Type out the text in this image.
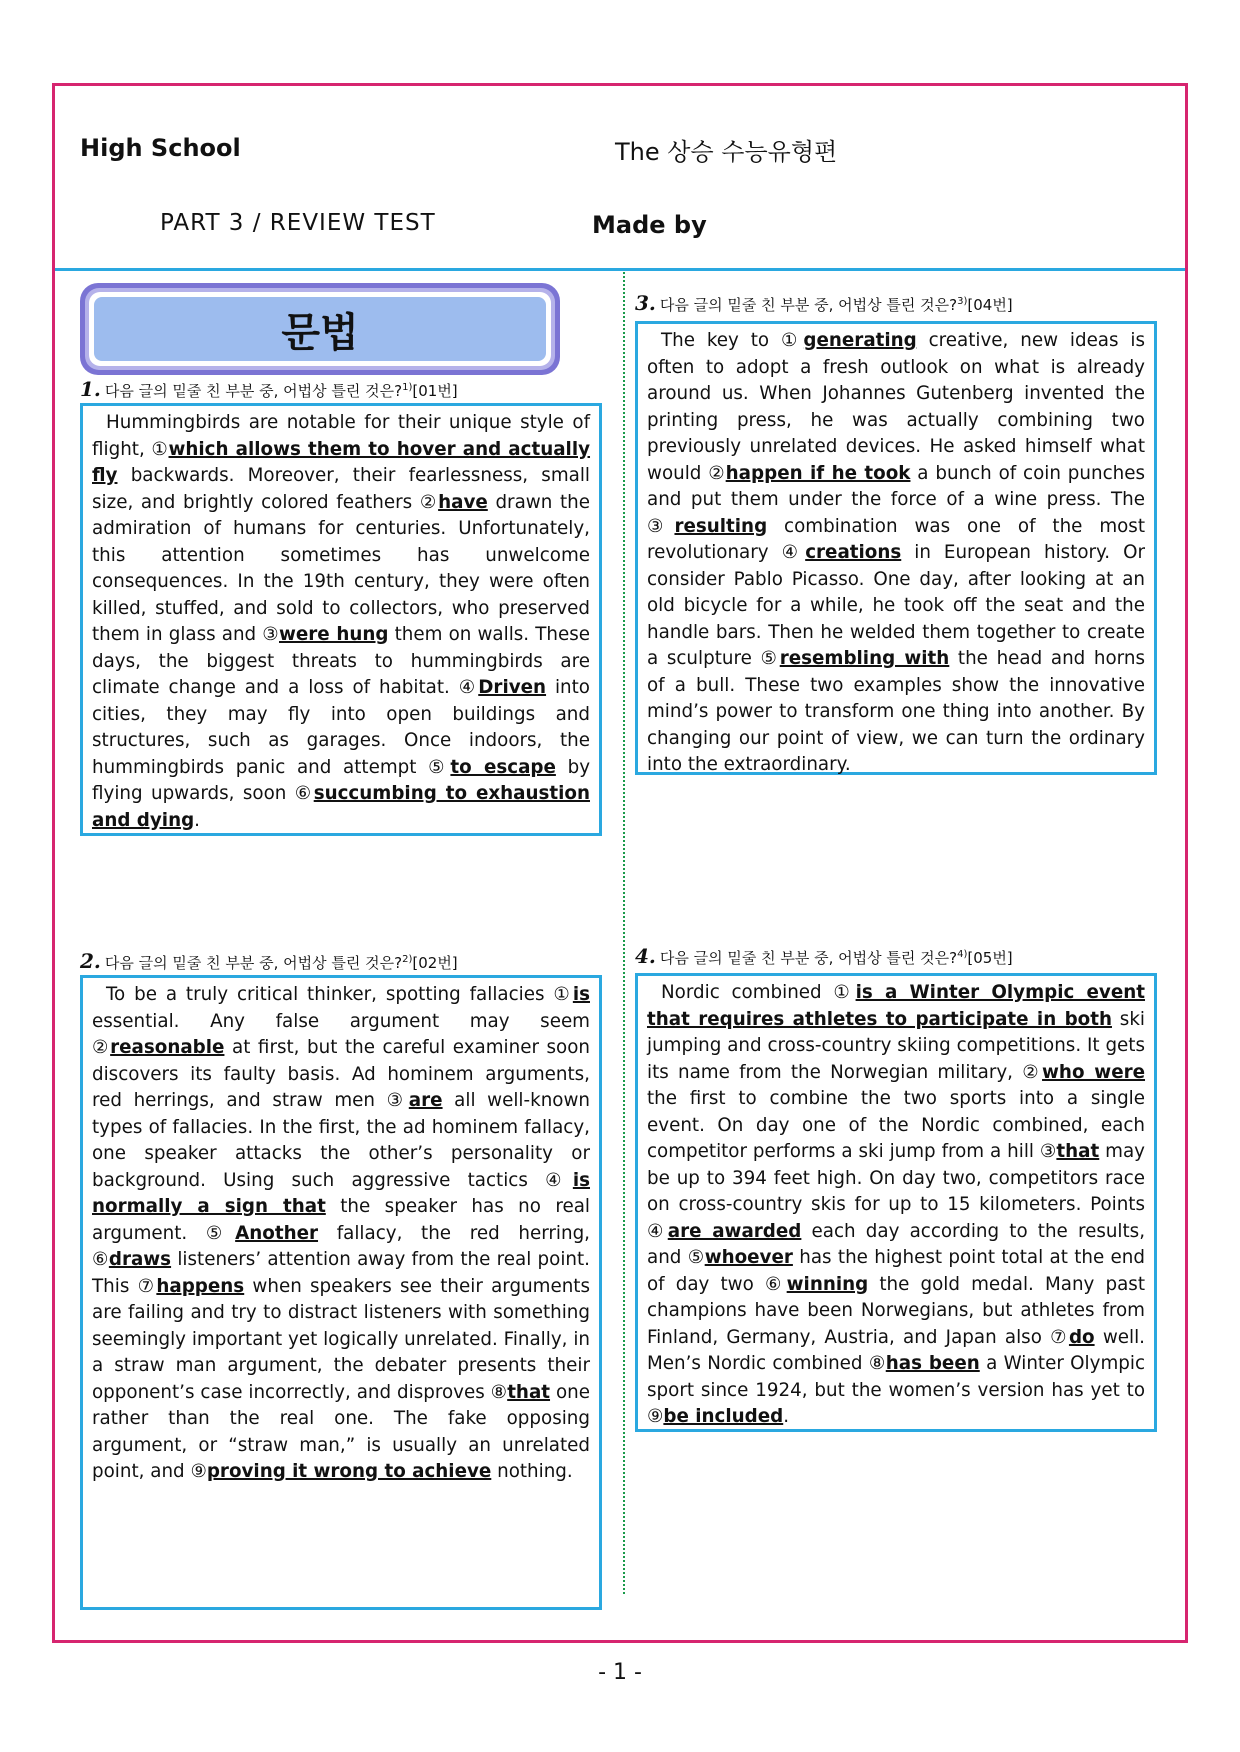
High School	The 상승 수능유형편
PART 3 / REVIEW TEST	Made by
문법
1. 다음 글의 밑줄 친 부분 중, 어법상 틀린 것은?$^{1)}$[01번]
Hummingbirds are notable for their unique style of flight, ①which allows them to hover and actually fly backwards. Moreover, their fearlessness, small size, and brightly colored feathers ②have drawn the admiration of humans for centuries. Unfortunately, this attention sometimes has unwelcome consequences. In the 19th century, they were often killed, stuffed, and sold to collectors, who preserved them in glass and ③were hung them on walls. These days, the biggest threats to hummingbirds are climate change and a loss of habitat. ④Driven into cities, they may fly into open buildings and structures, such as garages. Once indoors, the hummingbirds panic and attempt ⑤to escape by flying upwards, soon ⑥succumbing to exhaustion and dying.
2. 다음 글의 밑줄 친 부분 중, 어법상 틀린 것은?$^{2)}$[02번]
To be a truly critical thinker, spotting fallacies ①is essential. Any false argument may seem ②reasonable at first, but the careful examiner soon discovers its faulty basis. Ad hominem arguments, red herrings, and straw men ③are all well-known types of fallacies. In the first, the ad hominem fallacy, one speaker attacks the other’s personality or background. Using such aggressive tactics ④is normally a sign that the speaker has no real argument. ⑤Another fallacy, the red herring, ⑥draws listeners’ attention away from the real point. This ⑦happens when speakers see their arguments are failing and try to distract listeners with something seemingly important yet logically unrelated. Finally, in a straw man argument, the debater presents their opponent’s case incorrectly, and disproves ⑧that one rather than the real one. The fake opposing argument, or “straw man,” is usually an unrelated point, and ⑨proving it wrong to achieve nothing.
3. 다음 글의 밑줄 친 부분 중, 어법상 틀린 것은?$^{3)}$[04번]
The key to ①generating creative, new ideas is often to adopt a fresh outlook on what is already around us. When Johannes Gutenberg invented the printing press, he was actually combining two previously unrelated devices. He asked himself what would ②happen if he took a bunch of coin punches and put them under the force of a wine press. The ③resulting combination was one of the most revolutionary ④creations in European history. Or consider Pablo Picasso. One day, after looking at an old bicycle for a while, he took off the seat and the handle bars. Then he welded them together to create a sculpture ⑤resembling with the head and horns of a bull. These two examples show the innovative mind’s power to transform one thing into another. By changing our point of view, we can turn the ordinary into the extraordinary.
4. 다음 글의 밑줄 친 부분 중, 어법상 틀린 것은?$^{4)}$[05번]
Nordic combined ①is a Winter Olympic event that requires athletes to participate in both ski jumping and cross-country skiing competitions. It gets its name from the Norwegian military, ②who were the first to combine the two sports into a single event. On day one of the Nordic combined, each competitor performs a ski jump from a hill ③that may be up to 394 feet high. On day two, competitors race on cross-country skis for up to 15 kilometers. Points ④are awarded each day according to the results, and ⑤whoever has the highest point total at the end of day two ⑥winning the gold medal. Many past champions have been Norwegians, but athletes from Finland, Germany, Austria, and Japan also ⑦do well. Men’s Nordic combined ⑧has been a Winter Olympic sport since 1924, but the women’s version has yet to ⑨be included.
- 1 -
